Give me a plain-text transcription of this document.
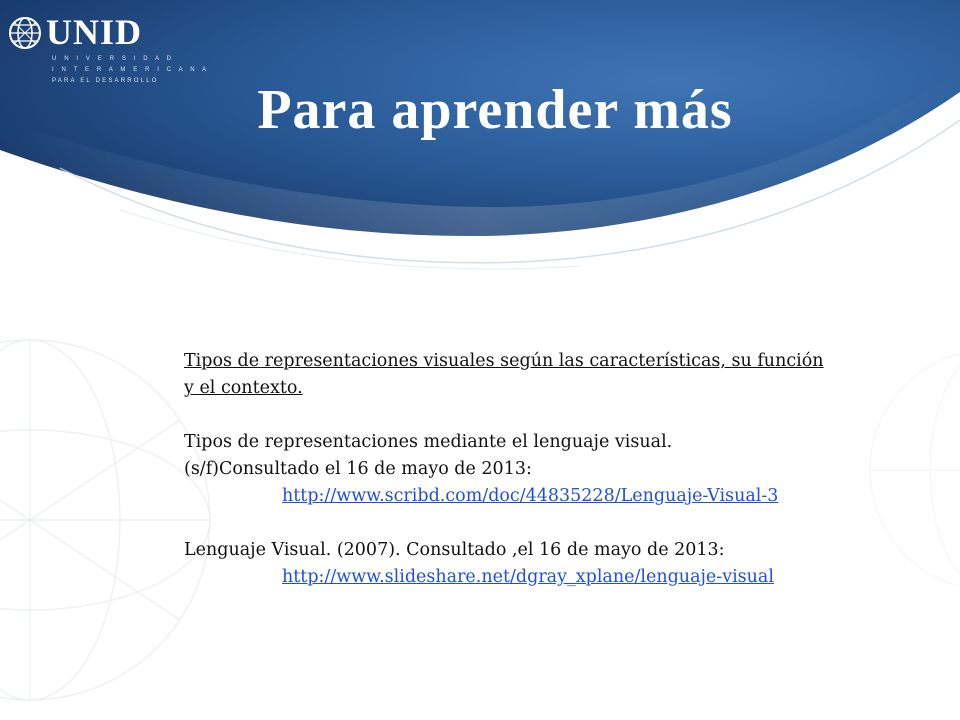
UNID
U N I V E R S I D A D
I N T E R A M E R I C A N A
PARA EL DESARROLLO	Para aprender más

Tipos de representaciones visuales según las características, su función y el contexto.

Tipos de representaciones mediante el lenguaje visual.

(s/f)Consultado el 16 de mayo de 2013:

http://www.scribd.com/doc/44835228/Lenguaje-Visual-3

Lenguaje Visual. (2007). Consultado ,el 16 de mayo de 2013:

http://www.slideshare.net/dgray_xplane/lenguaje-visual
